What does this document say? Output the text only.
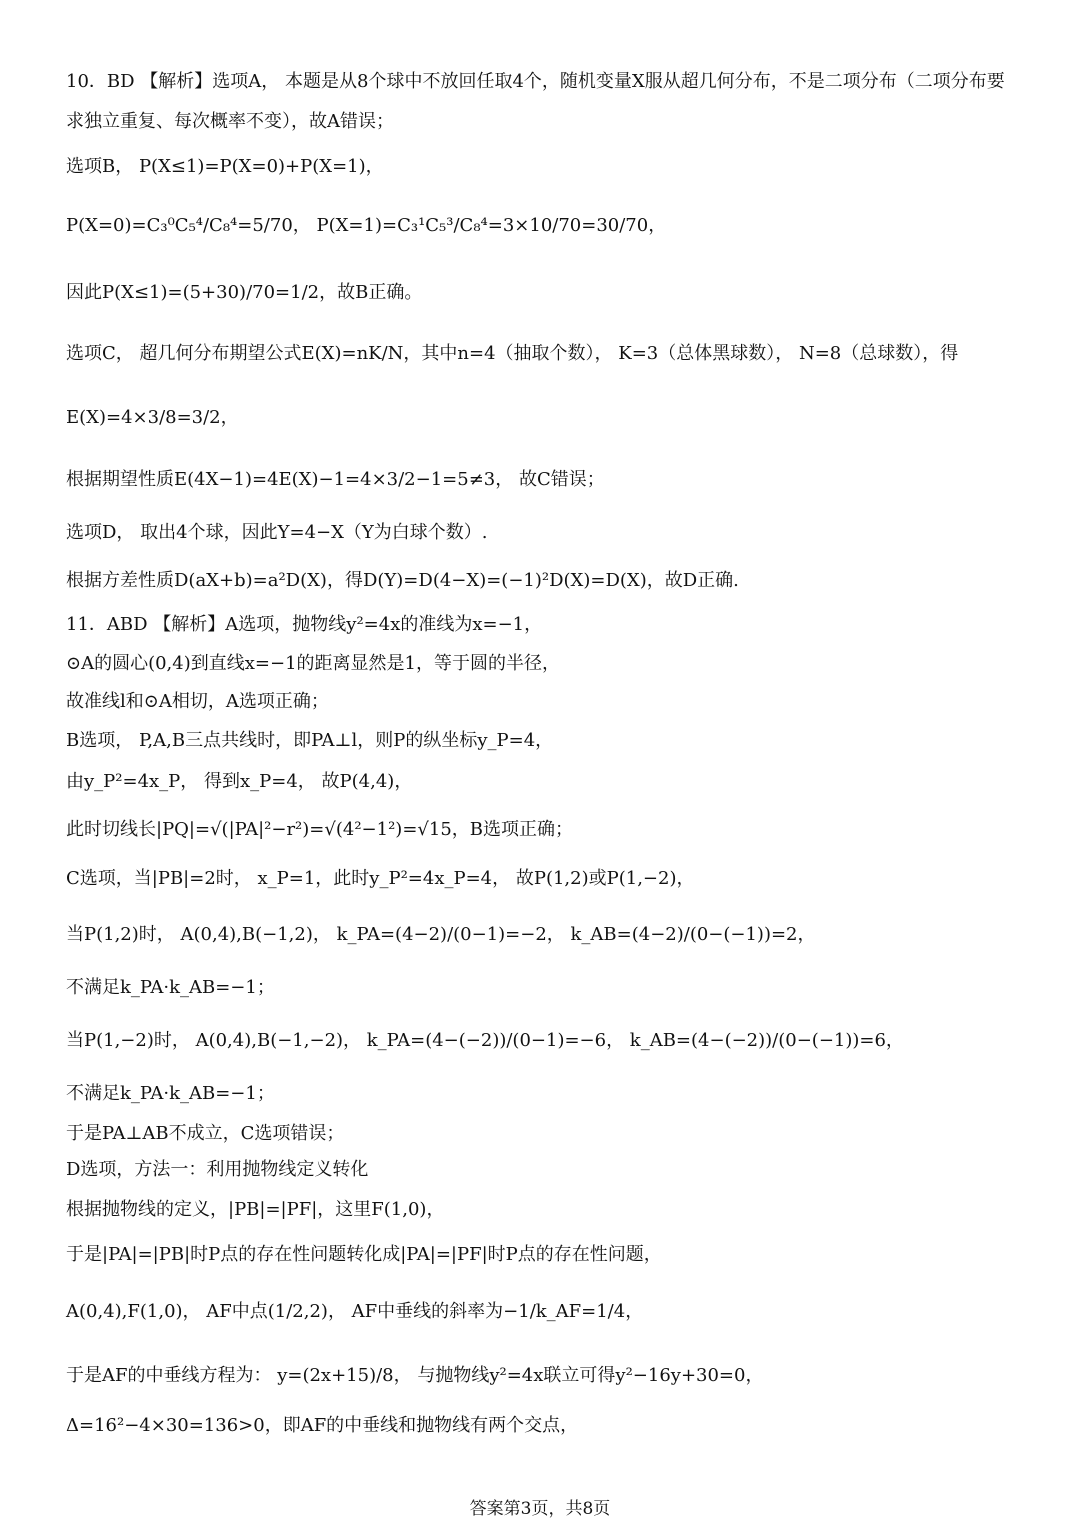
10．BD 【解析】选项A， 本题是从8个球中不放回任取4个，随机变量X服从超几何分布，不是二项分布（二项分布要求独立重复、每次概率不变），故A错误；
选项B， P(X≤1)=P(X=0)+P(X=1)，
P(X=0)=C₃⁰C₅⁴/C₈⁴=5/70， P(X=1)=C₃¹C₅³/C₈⁴=3×10/70=30/70，
因此P(X≤1)=(5+30)/70=1/2，故B正确。
选项C， 超几何分布期望公式E(X)=nK/N，其中n=4（抽取个数）， K=3（总体黑球数）， N=8（总球数），得
E(X)=4×3/8=3/2，
根据期望性质E(4X−1)=4E(X)−1=4×3/2−1=5≠3， 故C错误；
选项D， 取出4个球，因此Y=4−X（Y为白球个数）.
根据方差性质D(aX+b)=a²D(X)，得D(Y)=D(4−X)=(−1)²D(X)=D(X)，故D正确.
11．ABD 【解析】A选项，抛物线y²=4x的准线为x=−1，
⊙A的圆心(0,4)到直线x=−1的距离显然是1，等于圆的半径，
故准线l和⊙A相切，A选项正确；
B选项， P,A,B三点共线时，即PA⊥l，则P的纵坐标y_P=4，
由y_P²=4x_P， 得到x_P=4， 故P(4,4)，
此时切线长|PQ|=√(|PA|²−r²)=√(4²−1²)=√15，B选项正确；
C选项，当|PB|=2时， x_P=1，此时y_P²=4x_P=4， 故P(1,2)或P(1,−2)，
当P(1,2)时， A(0,4),B(−1,2)， k_PA=(4−2)/(0−1)=−2， k_AB=(4−2)/(0−(−1))=2，
不满足k_PA·k_AB=−1；
当P(1,−2)时， A(0,4),B(−1,−2)， k_PA=(4−(−2))/(0−1)=−6， k_AB=(4−(−2))/(0−(−1))=6，
不满足k_PA·k_AB=−1；
于是PA⊥AB不成立，C选项错误；
D选项，方法一：利用抛物线定义转化
根据抛物线的定义，|PB|=|PF|，这里F(1,0)，
于是|PA|=|PB|时P点的存在性问题转化成|PA|=|PF|时P点的存在性问题，
A(0,4),F(1,0)， AF中点(1/2,2)， AF中垂线的斜率为−1/k_AF=1/4，
于是AF的中垂线方程为： y=(2x+15)/8， 与抛物线y²=4x联立可得y²−16y+30=0，
Δ=16²−4×30=136>0，即AF的中垂线和抛物线有两个交点，
答案第3页，共8页
